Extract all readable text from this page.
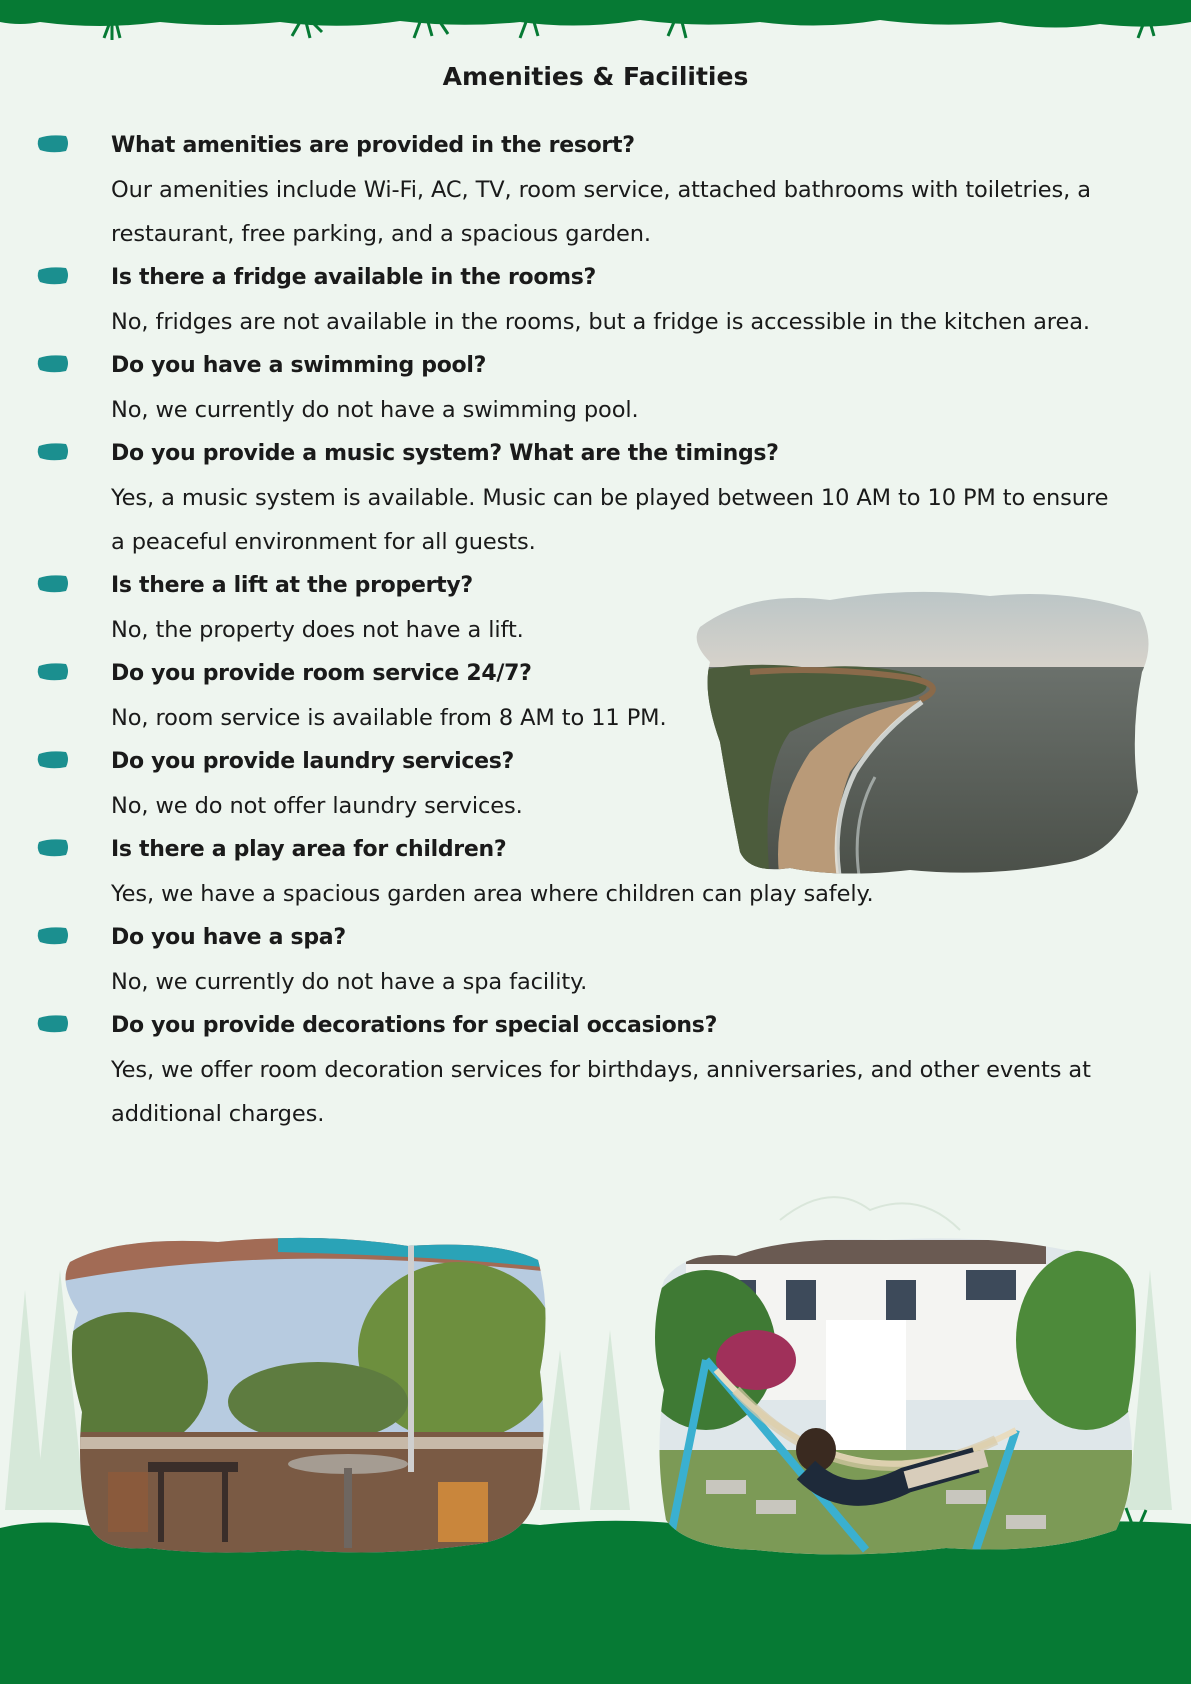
Amenities & Facilities
What amenities are provided in the resort?
Our amenities include Wi-Fi, AC, TV, room service, attached bathrooms with toiletries, a restaurant, free parking, and a spacious garden.
Is there a fridge available in the rooms?
No, fridges are not available in the rooms, but a fridge is accessible in the kitchen area.
Do you have a swimming pool?
No, we currently do not have a swimming pool.
Do you provide a music system? What are the timings?
Yes, a music system is available. Music can be played between 10 AM to 10 PM to ensure a peaceful environment for all guests.
Is there a lift at the property?
No, the property does not have a lift.
Do you provide room service 24/7?
No, room service is available from 8 AM to 11 PM.
Do you provide laundry services?
No, we do not offer laundry services.
Is there a play area for children?
Yes, we have a spacious garden area where children can play safely.
Do you have a spa?
No, we currently do not have a spa facility.
Do you provide decorations for special occasions?
Yes, we offer room decoration services for birthdays, anniversaries, and other events at additional charges.
